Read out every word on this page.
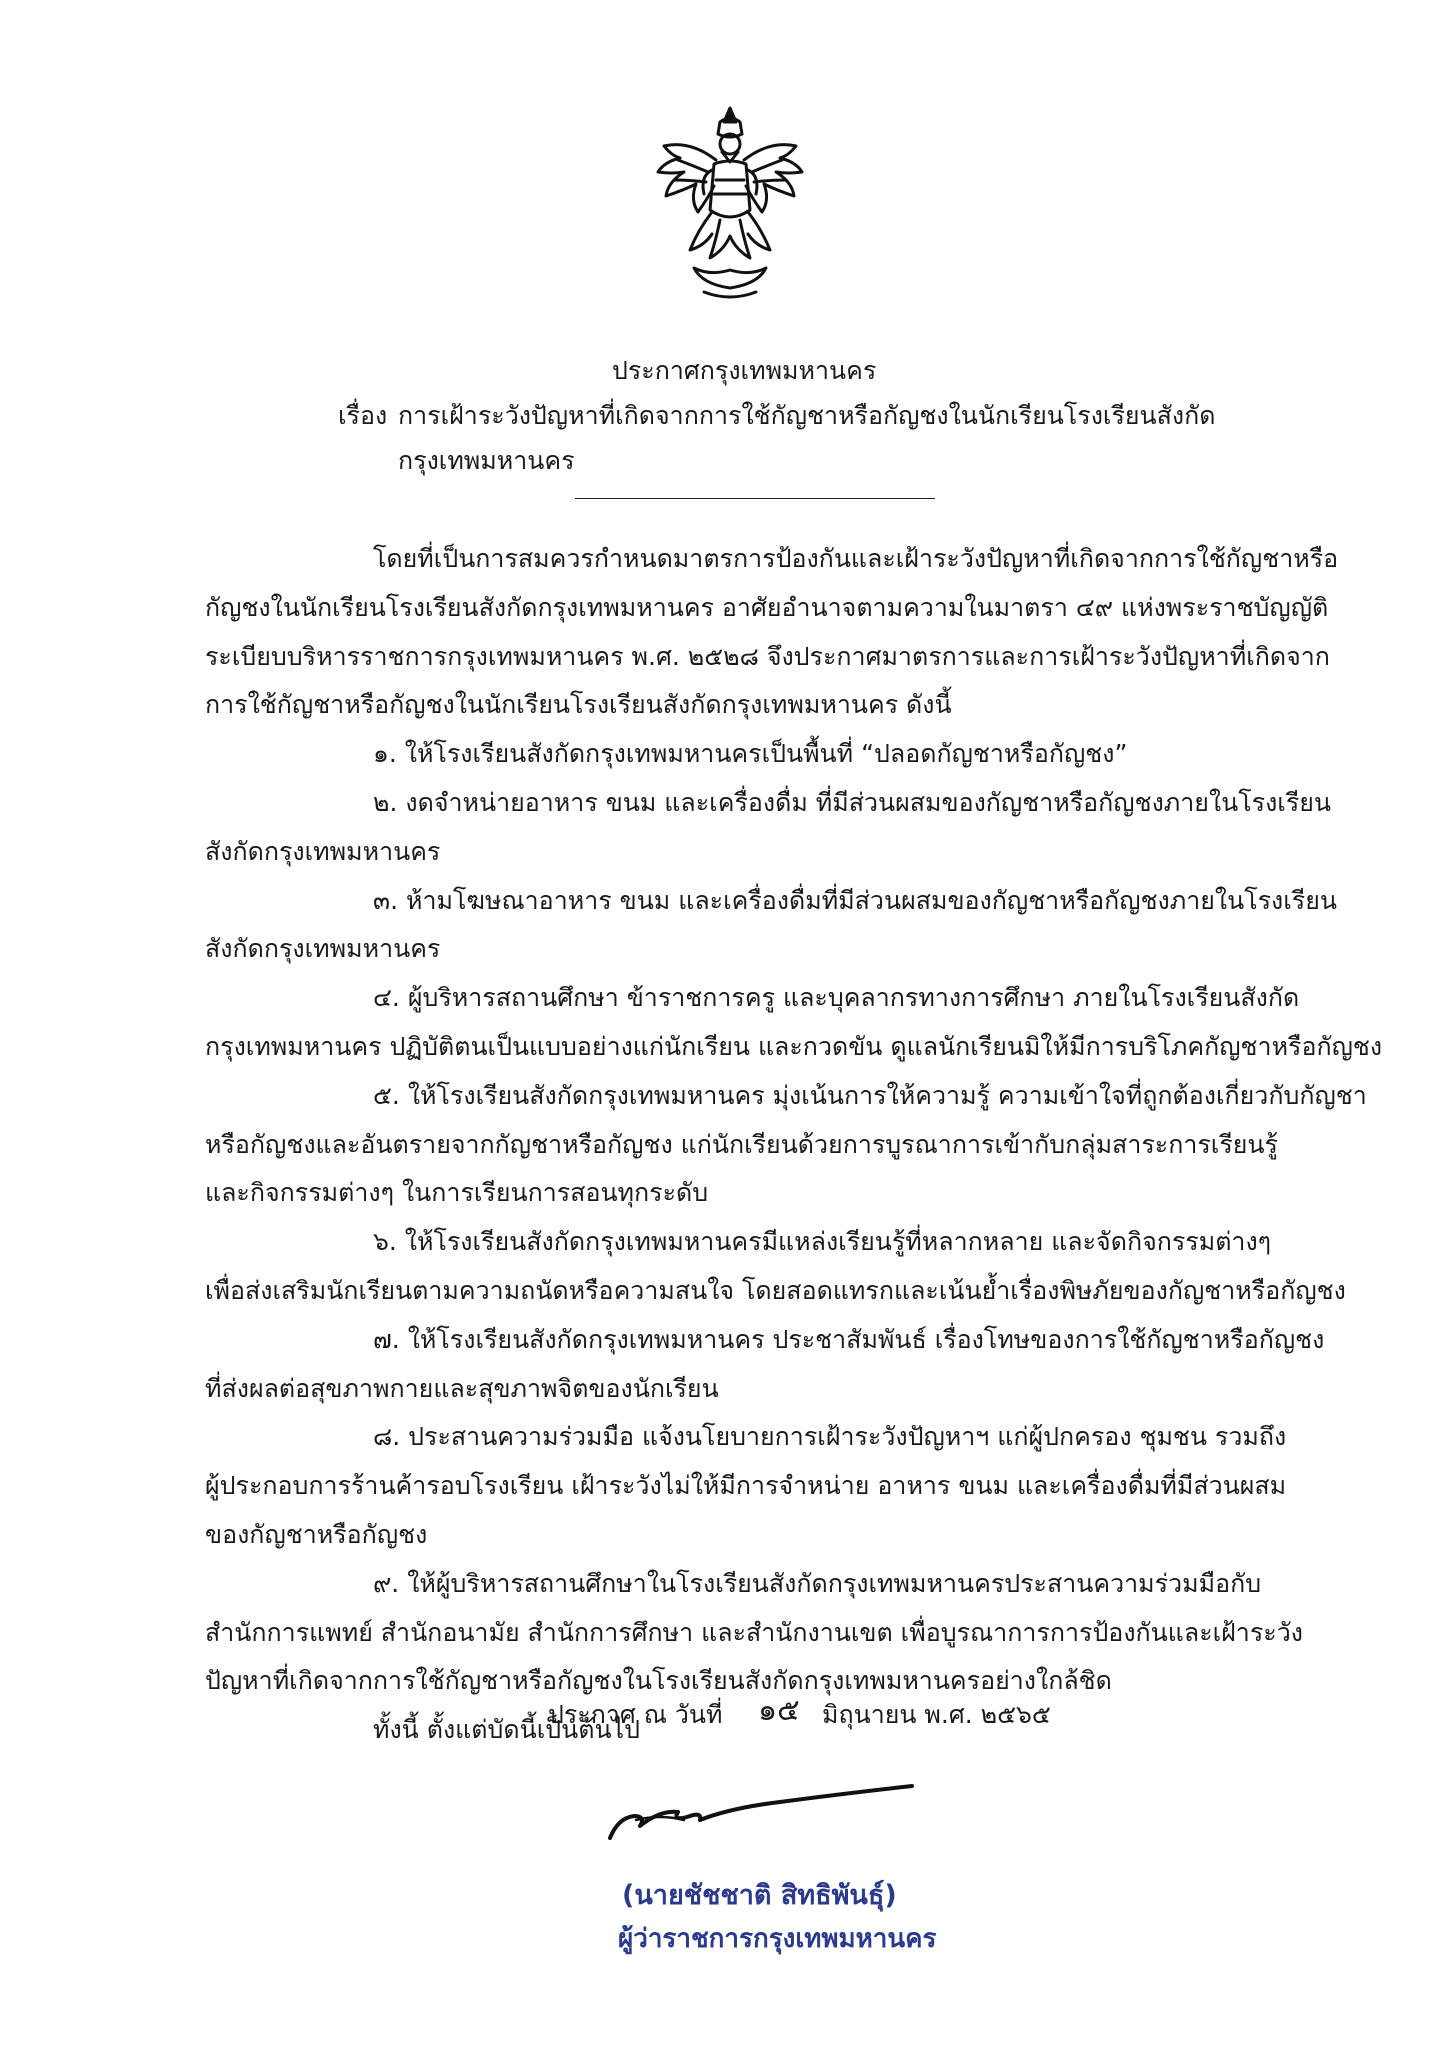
ประกาศกรุงเทพมหานคร
เรื่อง การเฝ้าระวังปัญหาที่เกิดจากการใช้กัญชาหรือกัญชงในนักเรียนโรงเรียนสังกัด
กรุงเทพมหานคร
โดยที่เป็นการสมควรกำหนดมาตรการป้องกันและเฝ้าระวังปัญหาที่เกิดจากการใช้กัญชาหรือ
กัญชงในนักเรียนโรงเรียนสังกัดกรุงเทพมหานคร อาศัยอำนาจตามความในมาตรา ๔๙ แห่งพระราชบัญญัติ
ระเบียบบริหารราชการกรุงเทพมหานคร พ.ศ. ๒๕๒๘ จึงประกาศมาตรการและการเฝ้าระวังปัญหาที่เกิดจาก
การใช้กัญชาหรือกัญชงในนักเรียนโรงเรียนสังกัดกรุงเทพมหานคร ดังนี้
๑. ให้โรงเรียนสังกัดกรุงเทพมหานครเป็นพื้นที่ “ปลอดกัญชาหรือกัญชง”
๒. งดจำหน่ายอาหาร ขนม และเครื่องดื่ม ที่มีส่วนผสมของกัญชาหรือกัญชงภายในโรงเรียน
สังกัดกรุงเทพมหานคร
๓. ห้ามโฆษณาอาหาร ขนม และเครื่องดื่มที่มีส่วนผสมของกัญชาหรือกัญชงภายในโรงเรียน
สังกัดกรุงเทพมหานคร
๔. ผู้บริหารสถานศึกษา ข้าราชการครู และบุคลากรทางการศึกษา ภายในโรงเรียนสังกัด
กรุงเทพมหานคร ปฏิบัติตนเป็นแบบอย่างแก่นักเรียน และกวดขัน ดูแลนักเรียนมิให้มีการบริโภคกัญชาหรือกัญชง
๕. ให้โรงเรียนสังกัดกรุงเทพมหานคร มุ่งเน้นการให้ความรู้ ความเข้าใจที่ถูกต้องเกี่ยวกับกัญชา
หรือกัญชงและอันตรายจากกัญชาหรือกัญชง แก่นักเรียนด้วยการบูรณาการเข้ากับกลุ่มสาระการเรียนรู้
และกิจกรรมต่างๆ ในการเรียนการสอนทุกระดับ
๖. ให้โรงเรียนสังกัดกรุงเทพมหานครมีแหล่งเรียนรู้ที่หลากหลาย และจัดกิจกรรมต่างๆ
เพื่อส่งเสริมนักเรียนตามความถนัดหรือความสนใจ โดยสอดแทรกและเน้นย้ำเรื่องพิษภัยของกัญชาหรือกัญชง
๗. ให้โรงเรียนสังกัดกรุงเทพมหานคร ประชาสัมพันธ์ เรื่องโทษของการใช้กัญชาหรือกัญชง
ที่ส่งผลต่อสุขภาพกายและสุขภาพจิตของนักเรียน
๘. ประสานความร่วมมือ แจ้งนโยบายการเฝ้าระวังปัญหาฯ แก่ผู้ปกครอง ชุมชน รวมถึง
ผู้ประกอบการร้านค้ารอบโรงเรียน เฝ้าระวังไม่ให้มีการจำหน่าย อาหาร ขนม และเครื่องดื่มที่มีส่วนผสม
ของกัญชาหรือกัญชง
๙. ให้ผู้บริหารสถานศึกษาในโรงเรียนสังกัดกรุงเทพมหานครประสานความร่วมมือกับ
สำนักการแพทย์ สำนักอนามัย สำนักการศึกษา และสำนักงานเขต เพื่อบูรณาการการป้องกันและเฝ้าระวัง
ปัญหาที่เกิดจากการใช้กัญชาหรือกัญชงในโรงเรียนสังกัดกรุงเทพมหานครอย่างใกล้ชิด
ทั้งนี้ ตั้งแต่บัดนี้เป็นต้นไป
ประกาศ ณ วันที่ ๑๕ มิถุนายน พ.ศ. ๒๕๖๕
(นายชัชชาติ สิทธิพันธุ์)
ผู้ว่าราชการกรุงเทพมหานคร
